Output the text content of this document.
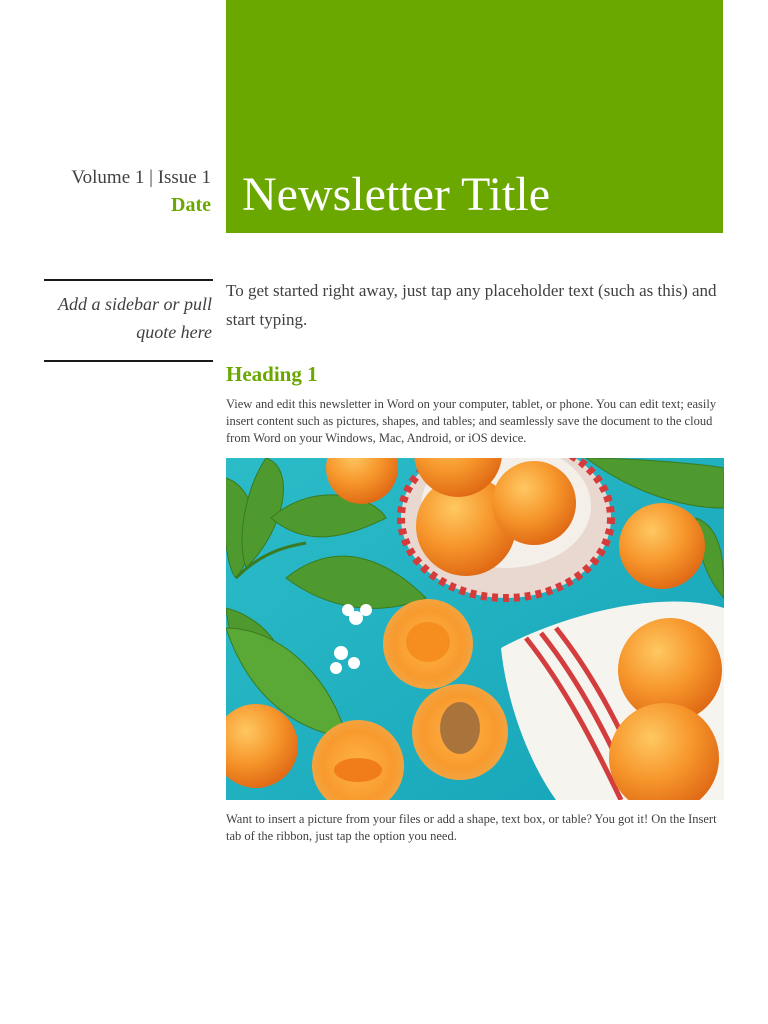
Newsletter Title
Volume 1 | Issue 1
Date
Add a sidebar or pull quote here
To get started right away, just tap any placeholder text (such as this) and start typing.
Heading 1
View and edit this newsletter in Word on your computer, tablet, or phone. You can edit text; easily insert content such as pictures, shapes, and tables; and seamlessly save the document to the cloud from Word on your Windows, Mac, Android, or iOS device.
Want to insert a picture from your files or add a shape, text box, or table? You got it! On the Insert tab of the ribbon, just tap the option you need.
